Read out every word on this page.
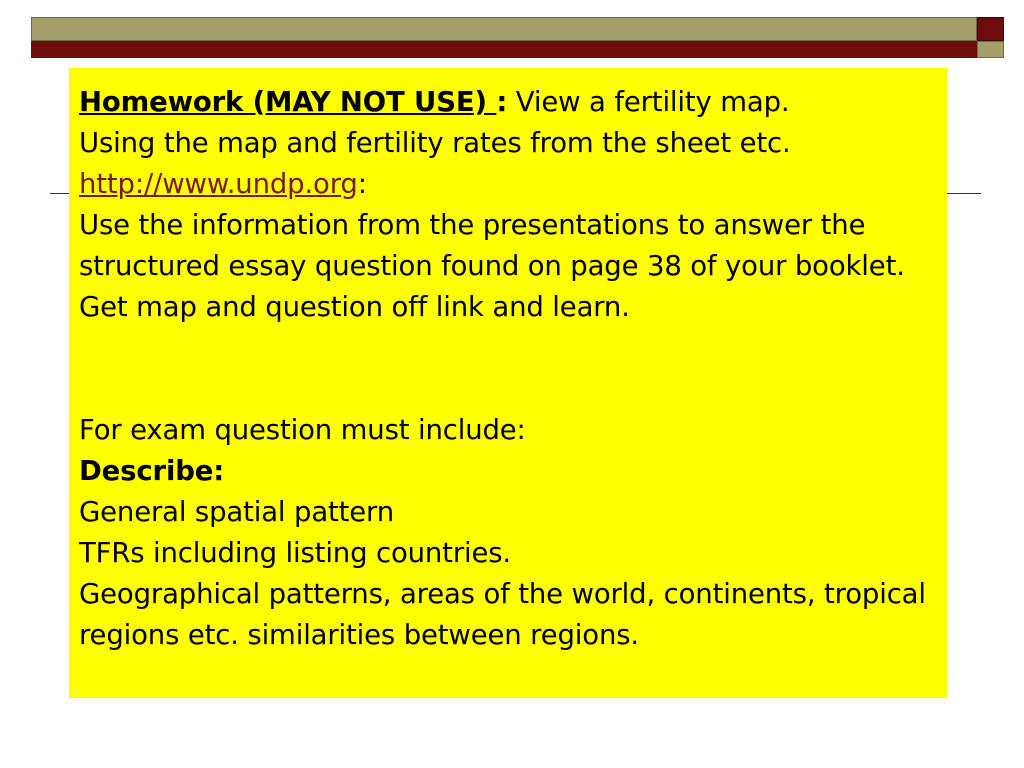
Homework (MAY NOT USE) : View a fertility map.

Using the map and fertility rates from the sheet etc.

http://www.undp.org:

Use the information from the presentations to answer the structured essay question found on page 38 of your booklet. Get map and question off link and learn.

For exam question must include:

Describe:

General spatial pattern

TFRs including listing countries.

Geographical patterns, areas of the world, continents, tropical regions etc. similarities between regions.
